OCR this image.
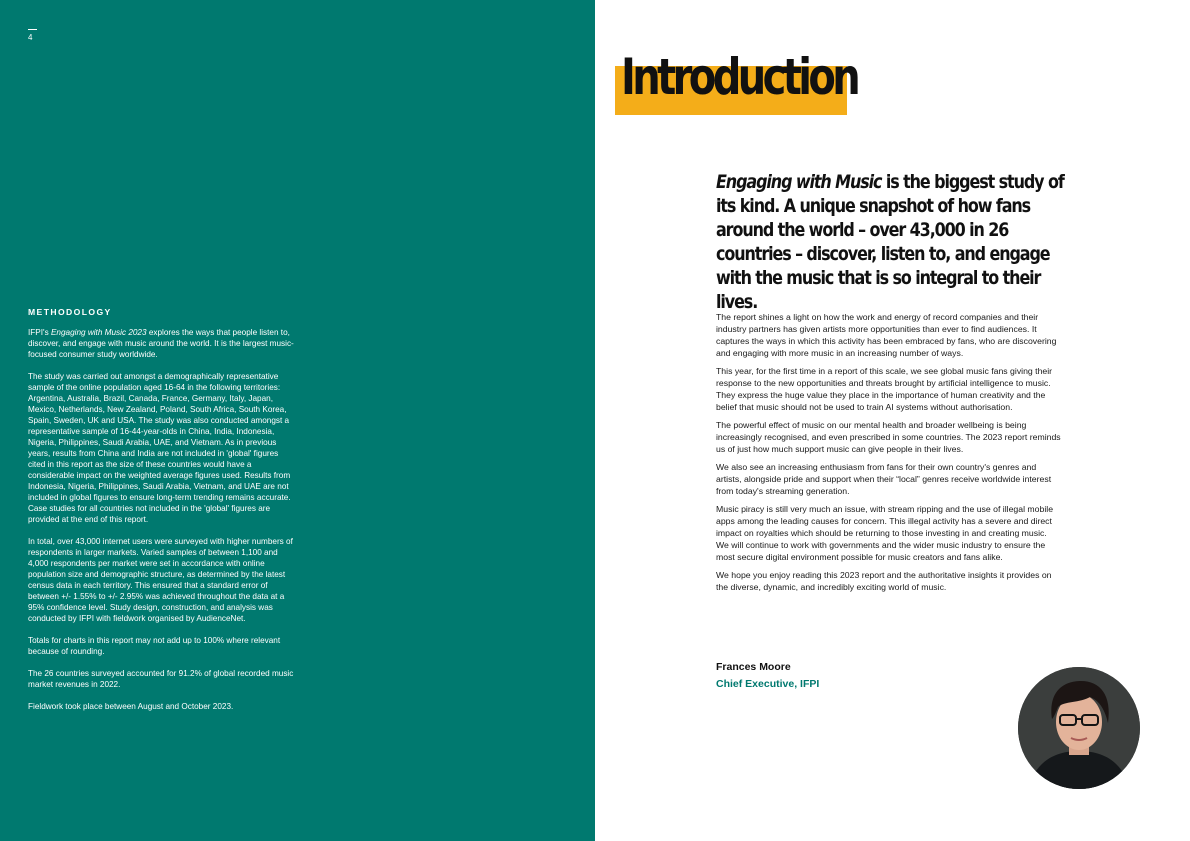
4
METHODOLOGY

IFPI's Engaging with Music 2023 explores the ways that people listen to, discover, and engage with music around the world. It is the largest music-focused consumer study worldwide.

The study was carried out amongst a demographically representative sample of the online population aged 16-64 in the following territories: Argentina, Australia, Brazil, Canada, France, Germany, Italy, Japan, Mexico, Netherlands, New Zealand, Poland, South Africa, South Korea, Spain, Sweden, UK and USA. The study was also conducted amongst a representative sample of 16-44-year-olds in China, India, Indonesia, Nigeria, Philippines, Saudi Arabia, UAE, and Vietnam. As in previous years, results from China and India are not included in 'global' figures cited in this report as the size of these countries would have a considerable impact on the weighted average figures used. Results from Indonesia, Nigeria, Philippines, Saudi Arabia, Vietnam, and UAE are not included in global figures to ensure long-term trending remains accurate. Case studies for all countries not included in the 'global' figures are provided at the end of this report.

In total, over 43,000 internet users were surveyed with higher numbers of respondents in larger markets. Varied samples of between 1,100 and 4,000 respondents per market were set in accordance with online population size and demographic structure, as determined by the latest census data in each territory. This ensured that a standard error of between +/- 1.55% to +/- 2.95% was achieved throughout the data at a 95% confidence level. Study design, construction, and analysis was conducted by IFPI with fieldwork organised by AudienceNet.

Totals for charts in this report may not add up to 100% where relevant because of rounding.

The 26 countries surveyed accounted for 91.2% of global recorded music market revenues in 2022.

Fieldwork took place between August and October 2023.

Introduction

Engaging with Music is the biggest study of its kind. A unique snapshot of how fans around the world – over 43,000 in 26 countries – discover, listen to, and engage with the music that is so integral to their lives.

The report shines a light on how the work and energy of record companies and their industry partners has given artists more opportunities than ever to find audiences. It captures the ways in which this activity has been embraced by fans, who are discovering and engaging with more music in an increasing number of ways.

This year, for the first time in a report of this scale, we see global music fans giving their response to the new opportunities and threats brought by artificial intelligence to music. They express the huge value they place in the importance of human creativity and the belief that music should not be used to train AI systems without authorisation.

The powerful effect of music on our mental health and broader wellbeing is being increasingly recognised, and even prescribed in some countries. The 2023 report reminds us of just how much support music can give people in their lives.

We also see an increasing enthusiasm from fans for their own country's genres and artists, alongside pride and support when their “local” genres receive worldwide interest from today's streaming generation.

Music piracy is still very much an issue, with stream ripping and the use of illegal mobile apps among the leading causes for concern. This illegal activity has a severe and direct impact on royalties which should be returning to those investing in and creating music. We will continue to work with governments and the wider music industry to ensure the most secure digital environment possible for music creators and fans alike.

We hope you enjoy reading this 2023 report and the authoritative insights it provides on the diverse, dynamic, and incredibly exciting world of music.

Frances Moore
Chief Executive, IFPI
